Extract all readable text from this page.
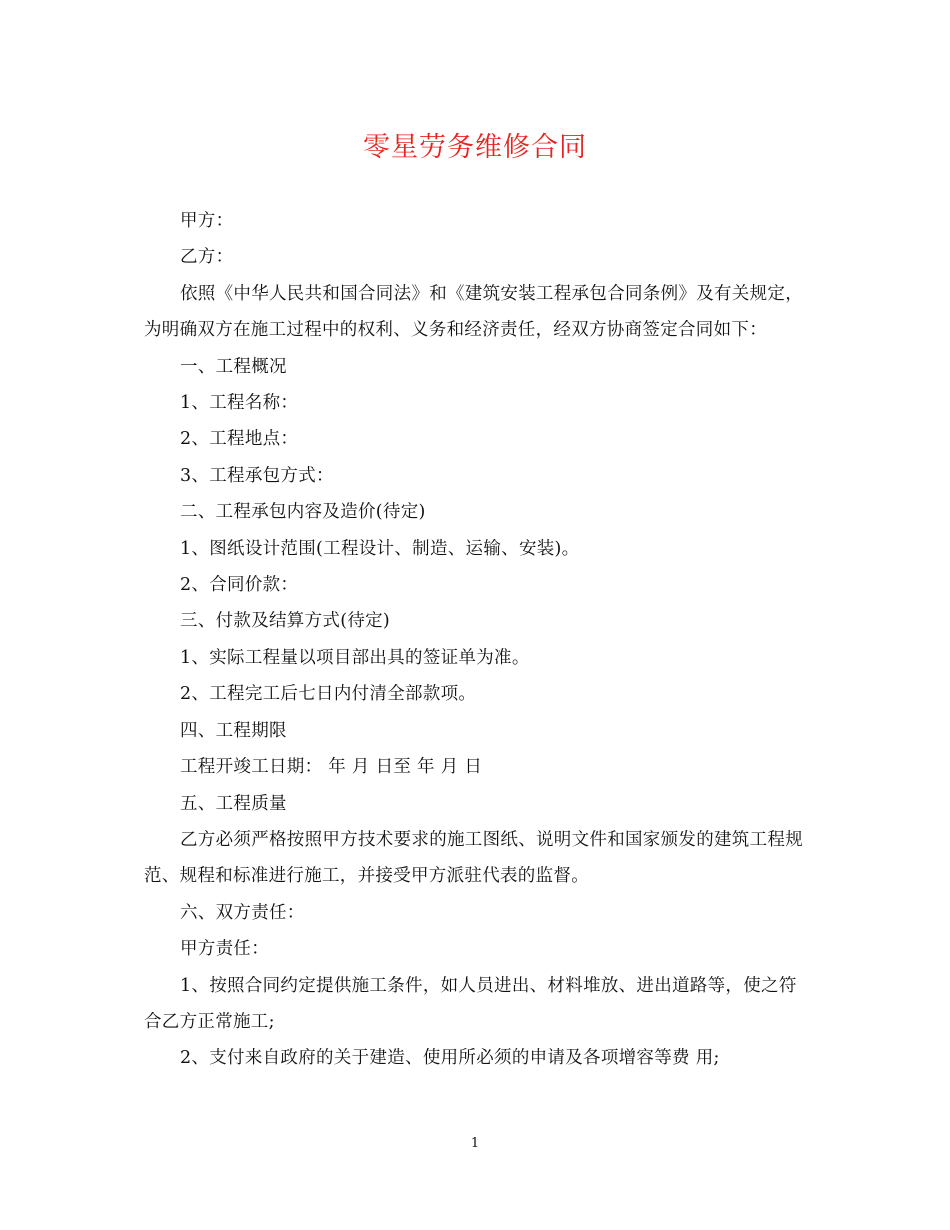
零星劳务维修合同

甲方：

乙方：

依照《中华人民共和国合同法》和《建筑安装工程承包合同条例》及有关规定，为明确双方在施工过程中的权利、义务和经济责任，经双方协商签定合同如下：

一、工程概况

1、工程名称：

2、工程地点：

3、工程承包方式：

二、工程承包内容及造价(待定)

1、图纸设计范围(工程设计、制造、运输、安装)。

2、合同价款：

三、付款及结算方式(待定)

1、实际工程量以项目部出具的签证单为准。

2、工程完工后七日内付清全部款项。

四、工程期限

工程开竣工日期： 年 月 日至 年 月 日

五、工程质量

乙方必须严格按照甲方技术要求的施工图纸、说明文件和国家颁发的建筑工程规范、规程和标准进行施工，并接受甲方派驻代表的监督。

六、双方责任：

甲方责任：

1、按照合同约定提供施工条件，如人员进出、材料堆放、进出道路等，使之符合乙方正常施工;

2、支付来自政府的关于建造、使用所必须的申请及各项增容等费 用;

1
